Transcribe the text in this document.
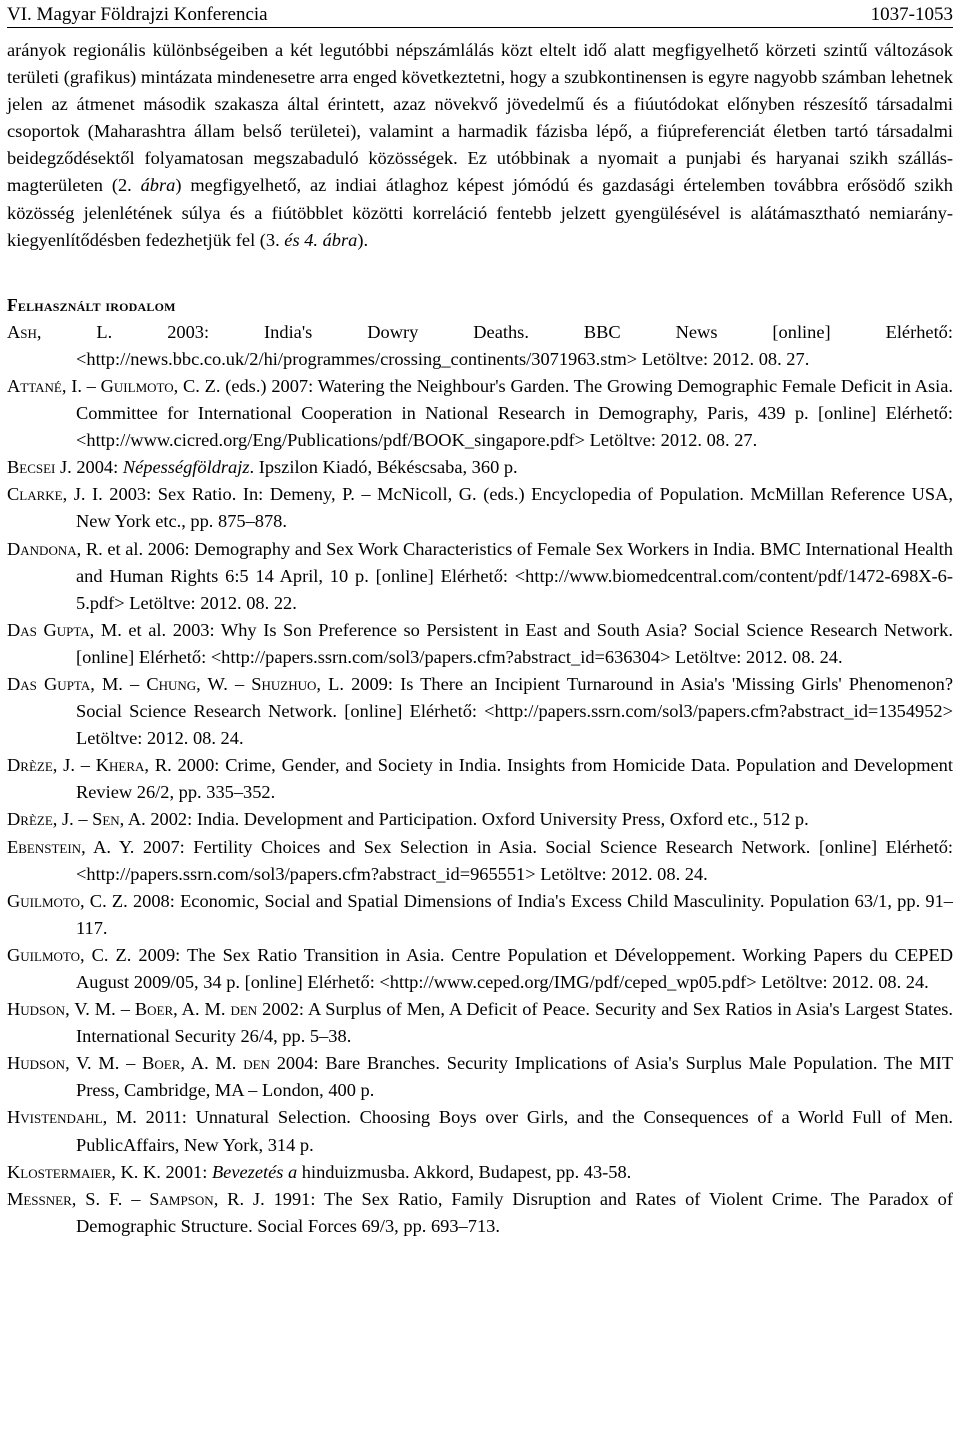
VI. Magyar Földrajzi Konferencia	1037-1053

arányok regionális különbségeiben a két legutóbbi népszámlálás közt eltelt idő alatt megfigyelhető körzeti szintű változások területi (grafikus) mintázata mindenesetre arra enged következtetni, hogy a szubkontinensen is egyre nagyobb számban lehetnek jelen az átmenet második szakasza által érintett, azaz növekvő jövedelmű és a fiúutódokat előnyben részesítő társadalmi csoportok (Maharashtra állam belső területei), valamint a harmadik fázisba lépő, a fiúpreferenciát életben tartó társadalmi beidegződésektől folyamatosan megszabaduló közösségek. Ez utóbbinak a nyomait a punjabi és haryanai szikh szállás-magterületen (2. ábra) megfigyelhető, az indiai átlaghoz képest jómódú és gazdasági értelemben továbbra erősödő szikh közösség jelenlétének súlya és a fiútöbblet közötti korreláció fentebb jelzett gyengülésével is alátámasztható nemiarány-kiegyenlítődésben fedezhetjük fel (3. és 4. ábra).

Felhasznált irodalom

Ash, L. 2003: India's Dowry Deaths. BBC News [online] Elérhető: <http://news.bbc.co.uk/2/hi/programmes/crossing_continents/3071963.stm> Letöltve: 2012. 08. 27.

Attané, I. – Guilmoto, C. Z. (eds.) 2007: Watering the Neighbour's Garden. The Growing Demographic Female Deficit in Asia. Committee for International Cooperation in National Research in Demography, Paris, 439 p. [online] Elérhető: <http://www.cicred.org/Eng/Publications/pdf/BOOK_singapore.pdf> Letöltve: 2012. 08. 27.

Becsei J. 2004: Népességföldrajz. Ipszilon Kiadó, Békéscsaba, 360 p.

Clarke, J. I. 2003: Sex Ratio. In: Demeny, P. – McNicoll, G. (eds.) Encyclopedia of Population. McMillan Reference USA, New York etc., pp. 875–878.

Dandona, R. et al. 2006: Demography and Sex Work Characteristics of Female Sex Workers in India. BMC International Health and Human Rights 6:5 14 April, 10 p. [online] Elérhető: <http://www.biomedcentral.com/content/pdf/1472-698X-6-5.pdf> Letöltve: 2012. 08. 22.

Das Gupta, M. et al. 2003: Why Is Son Preference so Persistent in East and South Asia? Social Science Research Network. [online] Elérhető: <http://papers.ssrn.com/sol3/papers.cfm?abstract_id=636304> Letöltve: 2012. 08. 24.

Das Gupta, M. – Chung, W. – Shuzhuo, L. 2009: Is There an Incipient Turnaround in Asia's 'Missing Girls' Phenomenon? Social Science Research Network. [online] Elérhető: <http://papers.ssrn.com/sol3/papers.cfm?abstract_id=1354952> Letöltve: 2012. 08. 24.

Drèze, J. – Khera, R. 2000: Crime, Gender, and Society in India. Insights from Homicide Data. Population and Development Review 26/2, pp. 335–352.

Drèze, J. – Sen, A. 2002: India. Development and Participation. Oxford University Press, Oxford etc., 512 p.

Ebenstein, A. Y. 2007: Fertility Choices and Sex Selection in Asia. Social Science Research Network. [online] Elérhető: <http://papers.ssrn.com/sol3/papers.cfm?abstract_id=965551> Letöltve: 2012. 08. 24.

Guilmoto, C. Z. 2008: Economic, Social and Spatial Dimensions of India's Excess Child Masculinity. Population 63/1, pp. 91–117.

Guilmoto, C. Z. 2009: The Sex Ratio Transition in Asia. Centre Population et Développement. Working Papers du CEPED August 2009/05, 34 p. [online] Elérhető: <http://www.ceped.org/IMG/pdf/ceped_wp05.pdf> Letöltve: 2012. 08. 24.

Hudson, V. M. – Boer, A. M. den 2002: A Surplus of Men, A Deficit of Peace. Security and Sex Ratios in Asia's Largest States. International Security 26/4, pp. 5–38.

Hudson, V. M. – Boer, A. M. den 2004: Bare Branches. Security Implications of Asia's Surplus Male Population. The MIT Press, Cambridge, MA – London, 400 p.

Hvistendahl, M. 2011: Unnatural Selection. Choosing Boys over Girls, and the Consequences of a World Full of Men. PublicAffairs, New York, 314 p.

Klostermaier, K. K. 2001: Bevezetés a hinduizmusba. Akkord, Budapest, pp. 43-58.

Messner, S. F. – Sampson, R. J. 1991: The Sex Ratio, Family Disruption and Rates of Violent Crime. The Paradox of Demographic Structure. Social Forces 69/3, pp. 693–713.
